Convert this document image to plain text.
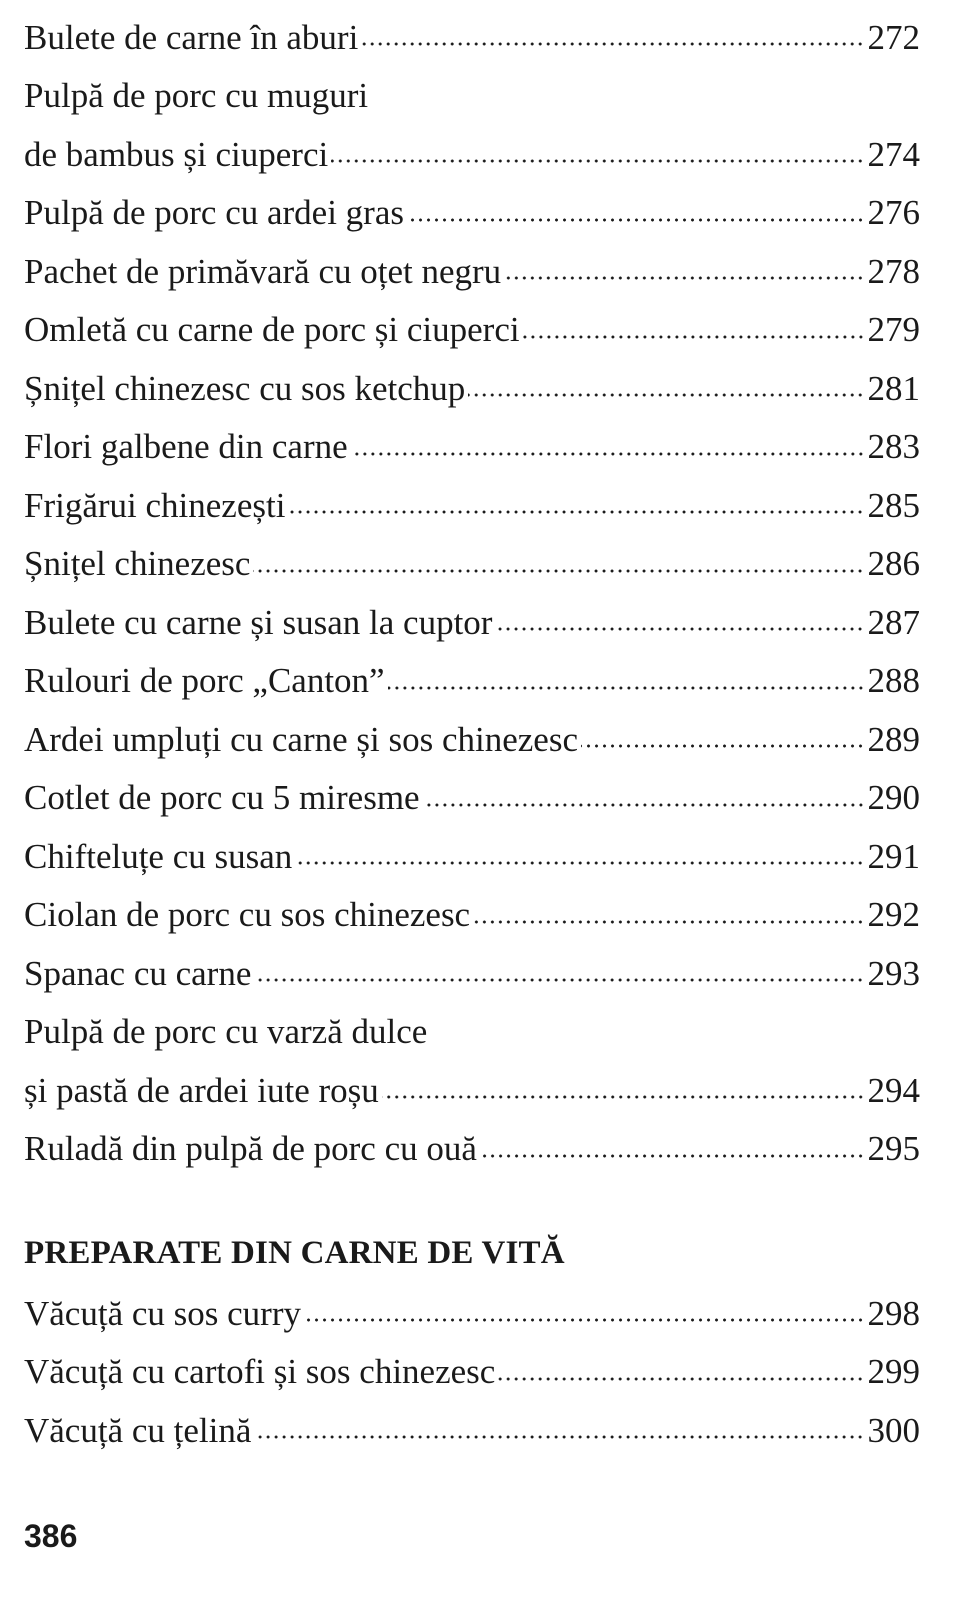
Bulete de carne în aburi	272
Pulpă de porc cu muguri
de bambus și ciuperci	274
Pulpă de porc cu ardei gras	276
Pachet de primăvară cu oțet negru	278
Omletă cu carne de porc și ciuperci	279
Șnițel chinezesc cu sos ketchup	281
Flori galbene din carne	283
Frigărui chinezești	285
Șnițel chinezesc	286
Bulete cu carne și susan la cuptor	287
Rulouri de porc „Canton”	288
Ardei umpluți cu carne și sos chinezesc	289
Cotlet de porc cu 5 miresme	290
Chifteluțe cu susan	291
Ciolan de porc cu sos chinezesc	292
Spanac cu carne	293
Pulpă de porc cu varză dulce
și pastă de ardei iute roșu	294
Ruladă din pulpă de porc cu ouă	295
PREPARATE DIN CARNE DE VITĂ
Văcuță cu sos curry	298
Văcuță cu cartofi și sos chinezesc	299
Văcuță cu țelină	300
386
